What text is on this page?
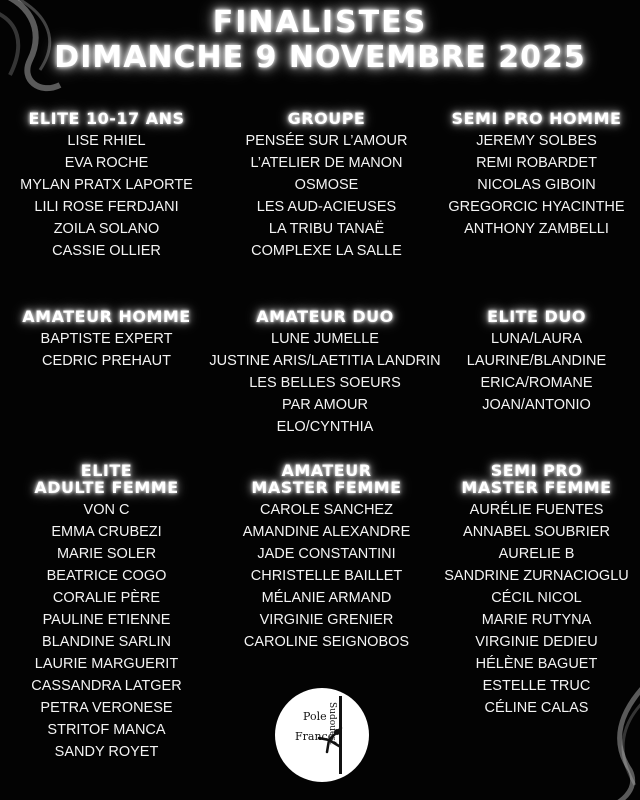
FINALISTES
DIMANCHE 9 NOVEMBRE 2025
ELITE 10-17 ANS
LISE RHIEL
EVA ROCHE
MYLAN PRATX LAPORTE
LILI ROSE FERDJANI
ZOILA SOLANO
CASSIE OLLIER
GROUPE
PENSÉE SUR L’AMOUR
L’ATELIER DE MANON
OSMOSE
LES AUD-ACIEUSES
LA TRIBU TANAË
COMPLEXE LA SALLE
SEMI PRO HOMME
JEREMY SOLBES
REMI ROBARDET
NICOLAS GIBOIN
GREGORCIC HYACINTHE
ANTHONY ZAMBELLI
AMATEUR HOMME
BAPTISTE EXPERT
CEDRIC PREHAUT
AMATEUR DUO
LUNE JUMELLE
JUSTINE ARIS/LAETITIA LANDRIN
LES BELLES SOEURS
PAR AMOUR
ELO/CYNTHIA
ELITE DUO
LUNA/LAURA
LAURINE/BLANDINE
ERICA/ROMANE
JOAN/ANTONIO
ELITE
ADULTE FEMME
VON C
EMMA CRUBEZI
MARIE SOLER
BEATRICE COGO
CORALIE PÈRE
PAULINE ETIENNE
BLANDINE SARLIN
LAURIE MARGUERIT
CASSANDRA LATGER
PETRA VERONESE
STRITOF MANCA
SANDY ROYET
AMATEUR
MASTER FEMME
CAROLE SANCHEZ
AMANDINE ALEXANDRE
JADE CONSTANTINI
CHRISTELLE BAILLET
MÉLANIE ARMAND
VIRGINIE GRENIER
CAROLINE SEIGNOBOS
SEMI PRO
MASTER FEMME
AURÉLIE FUENTES
ANNABEL SOUBRIER
AURELIE B
SANDRINE ZURNACIOGLU
CÉCIL NICOL
MARIE RUTYNA
VIRGINIE DEDIEU
HÉLÈNE BAGUET
ESTELLE TRUC
CÉLINE CALAS
Pole
France
Sudouest
